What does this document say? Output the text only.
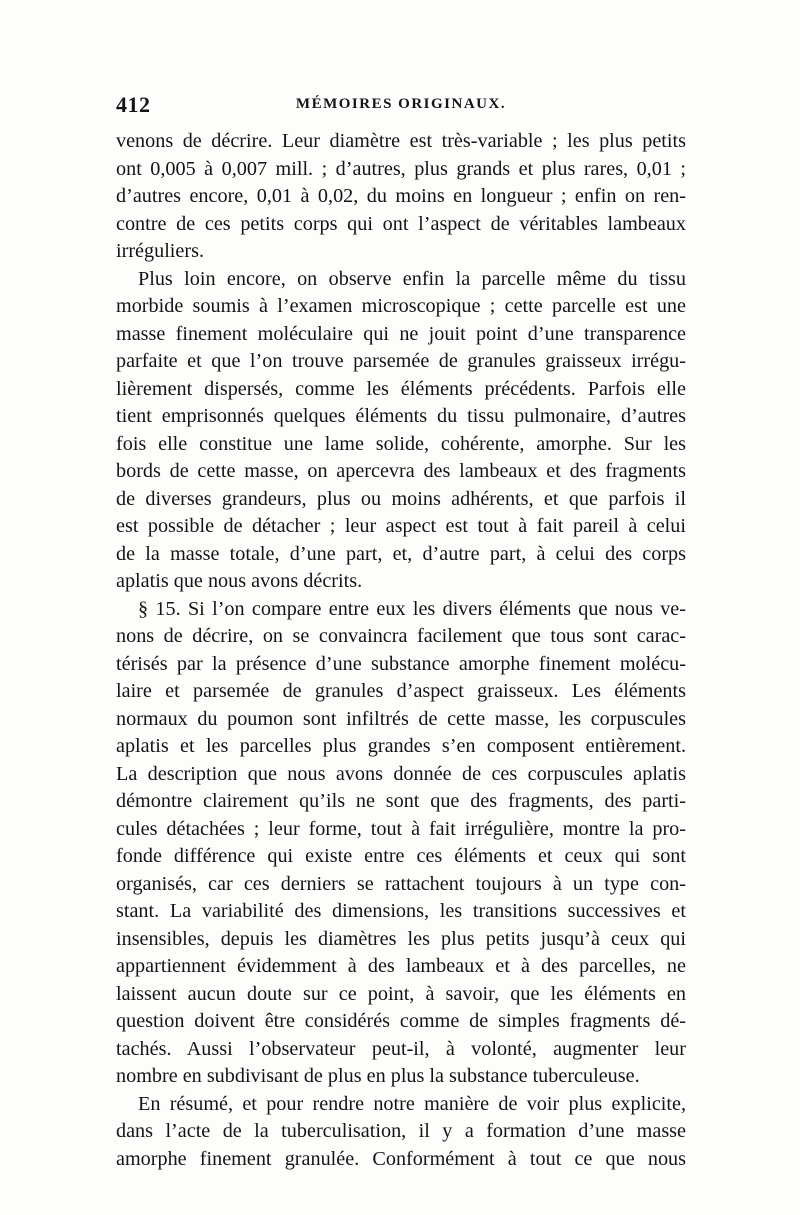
412	MÉMOIRES ORIGINAUX.
venons de décrire. Leur diamètre est très-variable ; les plus petits
ont 0,005 à 0,007 mill. ; d’autres, plus grands et plus rares, 0,01 ;
d’autres encore, 0,01 à 0,02, du moins en longueur ; enfin on ren-
contre de ces petits corps qui ont l’aspect de véritables lambeaux
irréguliers.
Plus loin encore, on observe enfin la parcelle même du tissu
morbide soumis à l’examen microscopique ; cette parcelle est une
masse finement moléculaire qui ne jouit point d’une transparence
parfaite et que l’on trouve parsemée de granules graisseux irrégu-
lièrement dispersés, comme les éléments précédents. Parfois elle
tient emprisonnés quelques éléments du tissu pulmonaire, d’autres
fois elle constitue une lame solide, cohérente, amorphe. Sur les
bords de cette masse, on apercevra des lambeaux et des fragments
de diverses grandeurs, plus ou moins adhérents, et que parfois il
est possible de détacher ; leur aspect est tout à fait pareil à celui
de la masse totale, d’une part, et, d’autre part, à celui des corps
aplatis que nous avons décrits.
§ 15. Si l’on compare entre eux les divers éléments que nous ve-
nons de décrire, on se convaincra facilement que tous sont carac-
térisés par la présence d’une substance amorphe finement molécu-
laire et parsemée de granules d’aspect graisseux. Les éléments
normaux du poumon sont infiltrés de cette masse, les corpuscules
aplatis et les parcelles plus grandes s’en composent entièrement.
La description que nous avons donnée de ces corpuscules aplatis
démontre clairement qu’ils ne sont que des fragments, des parti-
cules détachées ; leur forme, tout à fait irrégulière, montre la pro-
fonde différence qui existe entre ces éléments et ceux qui sont
organisés, car ces derniers se rattachent toujours à un type con-
stant. La variabilité des dimensions, les transitions successives et
insensibles, depuis les diamètres les plus petits jusqu’à ceux qui
appartiennent évidemment à des lambeaux et à des parcelles, ne
laissent aucun doute sur ce point, à savoir, que les éléments en
question doivent être considérés comme de simples fragments dé-
tachés. Aussi l’observateur peut-il, à volonté, augmenter leur
nombre en subdivisant de plus en plus la substance tuberculeuse.
En résumé, et pour rendre notre manière de voir plus explicite,
dans l’acte de la tuberculisation, il y a formation d’une masse
amorphe finement granulée. Conformément à tout ce que nous
